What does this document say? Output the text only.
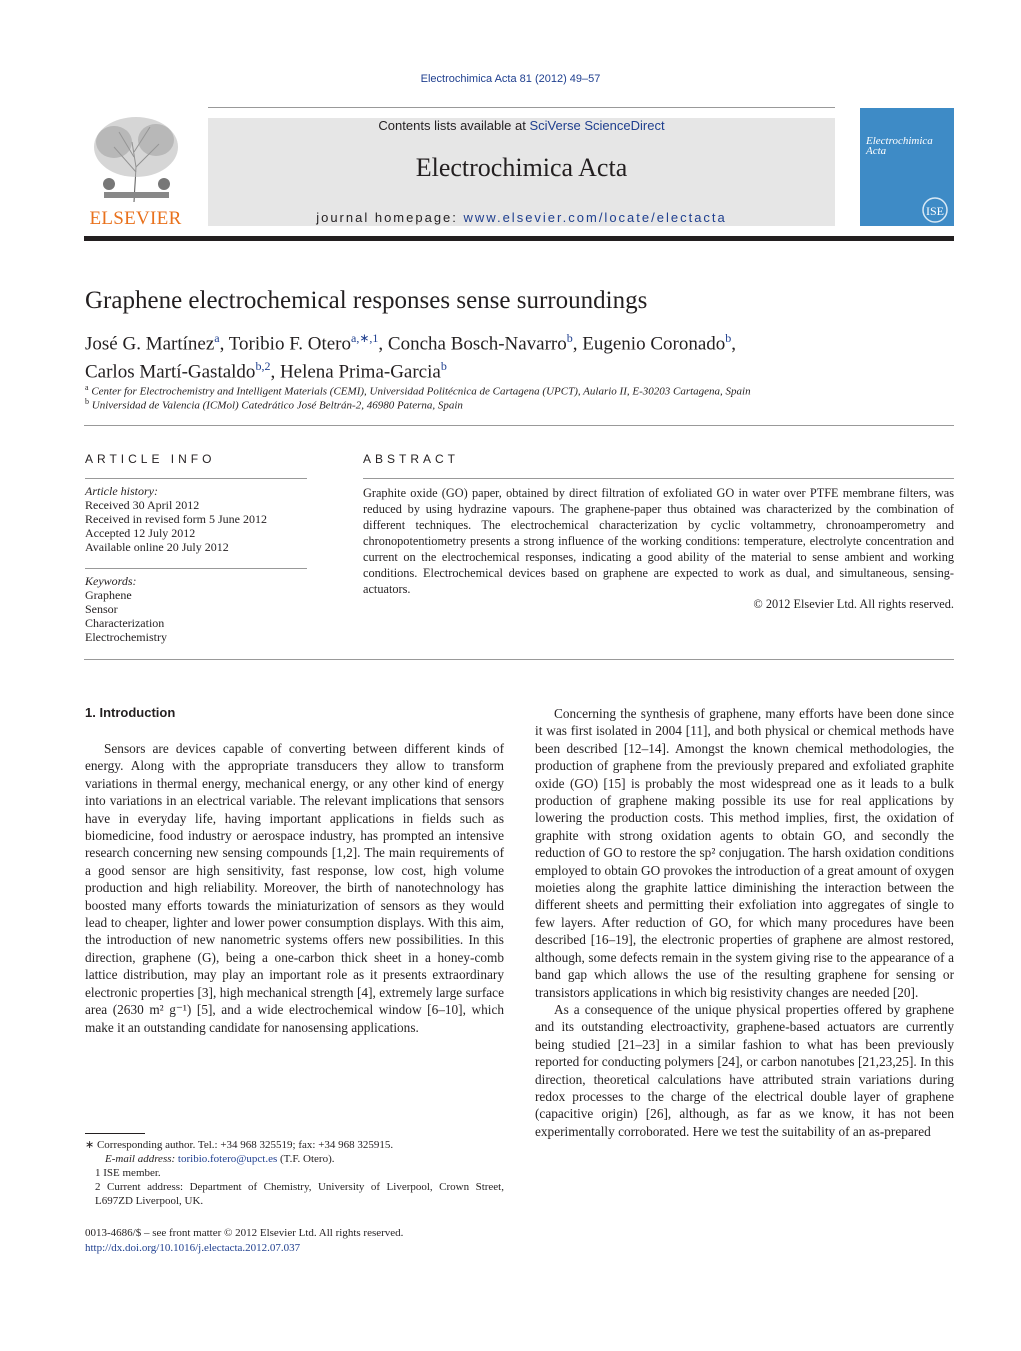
Electrochimica Acta 81 (2012) 49–57
ELSEVIER
Contents lists available at SciVerse ScienceDirect
Electrochimica Acta
journal homepage: www.elsevier.com/locate/electacta
Electrochimica Acta
ISE
Graphene electrochemical responses sense surroundings
José G. Martínez$^a$, Toribio F. Otero$^{a,∗,1}$, Concha Bosch-Navarro$^b$, Eugenio Coronado$^b$,
Carlos Martí-Gastaldo$^{b,2}$, Helena Prima-Garcia$^b$
$^a$ Center for Electrochemistry and Intelligent Materials (CEMI), Universidad Politécnica de Cartagena (UPCT), Aulario II, E-30203 Cartagena, Spain
$^b$ Universidad de Valencia (ICMol) Catedrático José Beltrán-2, 46980 Paterna, Spain
ARTICLE INFO
Article history:
Received 30 April 2012
Received in revised form 5 June 2012
Accepted 12 July 2012
Available online 20 July 2012
Keywords:
Graphene
Sensor
Characterization
Electrochemistry
ABSTRACT
Graphite oxide (GO) paper, obtained by direct filtration of exfoliated GO in water over PTFE membrane filters, was reduced by using hydrazine vapours. The graphene-paper thus obtained was characterized by the combination of different techniques. The electrochemical characterization by cyclic voltammetry, chronoamperometry and chronopotentiometry presents a strong influence of the working conditions: temperature, electrolyte concentration and current on the electrochemical responses, indicating a good ability of the material to sense ambient and working conditions. Electrochemical devices based on graphene are expected to work as dual, and simultaneous, sensing-actuators.
© 2012 Elsevier Ltd. All rights reserved.
1. Introduction

Sensors are devices capable of converting between different kinds of energy. Along with the appropriate transducers they allow to transform variations in thermal energy, mechanical energy, or any other kind of energy into variations in an electrical variable. The relevant implications that sensors have in everyday life, having important applications in fields such as biomedicine, food industry or aerospace industry, has prompted an intensive research concerning new sensing compounds [1,2]. The main requirements of a good sensor are high sensitivity, fast response, low cost, high volume production and high reliability. Moreover, the birth of nanotechnology has boosted many efforts towards the miniaturization of sensors as they would lead to cheaper, lighter and lower power consumption displays. With this aim, the introduction of new nanometric systems offers new possibilities. In this direction, graphene (G), being a one-carbon thick sheet in a honey-comb lattice distribution, may play an important role as it presents extraordinary electronic properties [3], high mechanical strength [4], extremely large surface area (2630 m² g⁻¹) [5], and a wide electrochemical window [6–10], which make it an outstanding candidate for nanosensing applications.

Concerning the synthesis of graphene, many efforts have been done since it was first isolated in 2004 [11], and both physical or chemical methods have been described [12–14]. Amongst the known chemical methodologies, the production of graphene from the previously prepared and exfoliated graphite oxide (GO) [15] is probably the most widespread one as it leads to a bulk production of graphene making possible its use for real applications by lowering the production costs. This method implies, first, the oxidation of graphite with strong oxidation agents to obtain GO, and secondly the reduction of GO to restore the sp² conjugation. The harsh oxidation conditions employed to obtain GO provokes the introduction of a great amount of oxygen moieties along the graphite lattice diminishing the interaction between the different sheets and permitting their exfoliation into aggregates of single to few layers. After reduction of GO, for which many procedures have been described [16–19], the electronic properties of graphene are almost restored, although, some defects remain in the system giving rise to the appearance of a band gap which allows the use of the resulting graphene for sensing or transistors applications in which big resistivity changes are needed [20].

As a consequence of the unique physical properties offered by graphene and its outstanding electroactivity, graphene-based actuators are currently being studied [21–23] in a similar fashion to what has been previously reported for conducting polymers [24], or carbon nanotubes [21,23,25]. In this direction, theoretical calculations have attributed strain variations during redox processes to the charge of the electrical double layer of graphene (capacitive origin) [26], although, as far as we know, it has not been experimentally corroborated. Here we test the suitability of an as-prepared

∗ Corresponding author. Tel.: +34 968 325519; fax: +34 968 325915.
E-mail address: toribio.fotero@upct.es (T.F. Otero).
1 ISE member.
2 Current address: Department of Chemistry, University of Liverpool, Crown Street, L697ZD Liverpool, UK.
0013-4686/$ – see front matter © 2012 Elsevier Ltd. All rights reserved.
http://dx.doi.org/10.1016/j.electacta.2012.07.037
